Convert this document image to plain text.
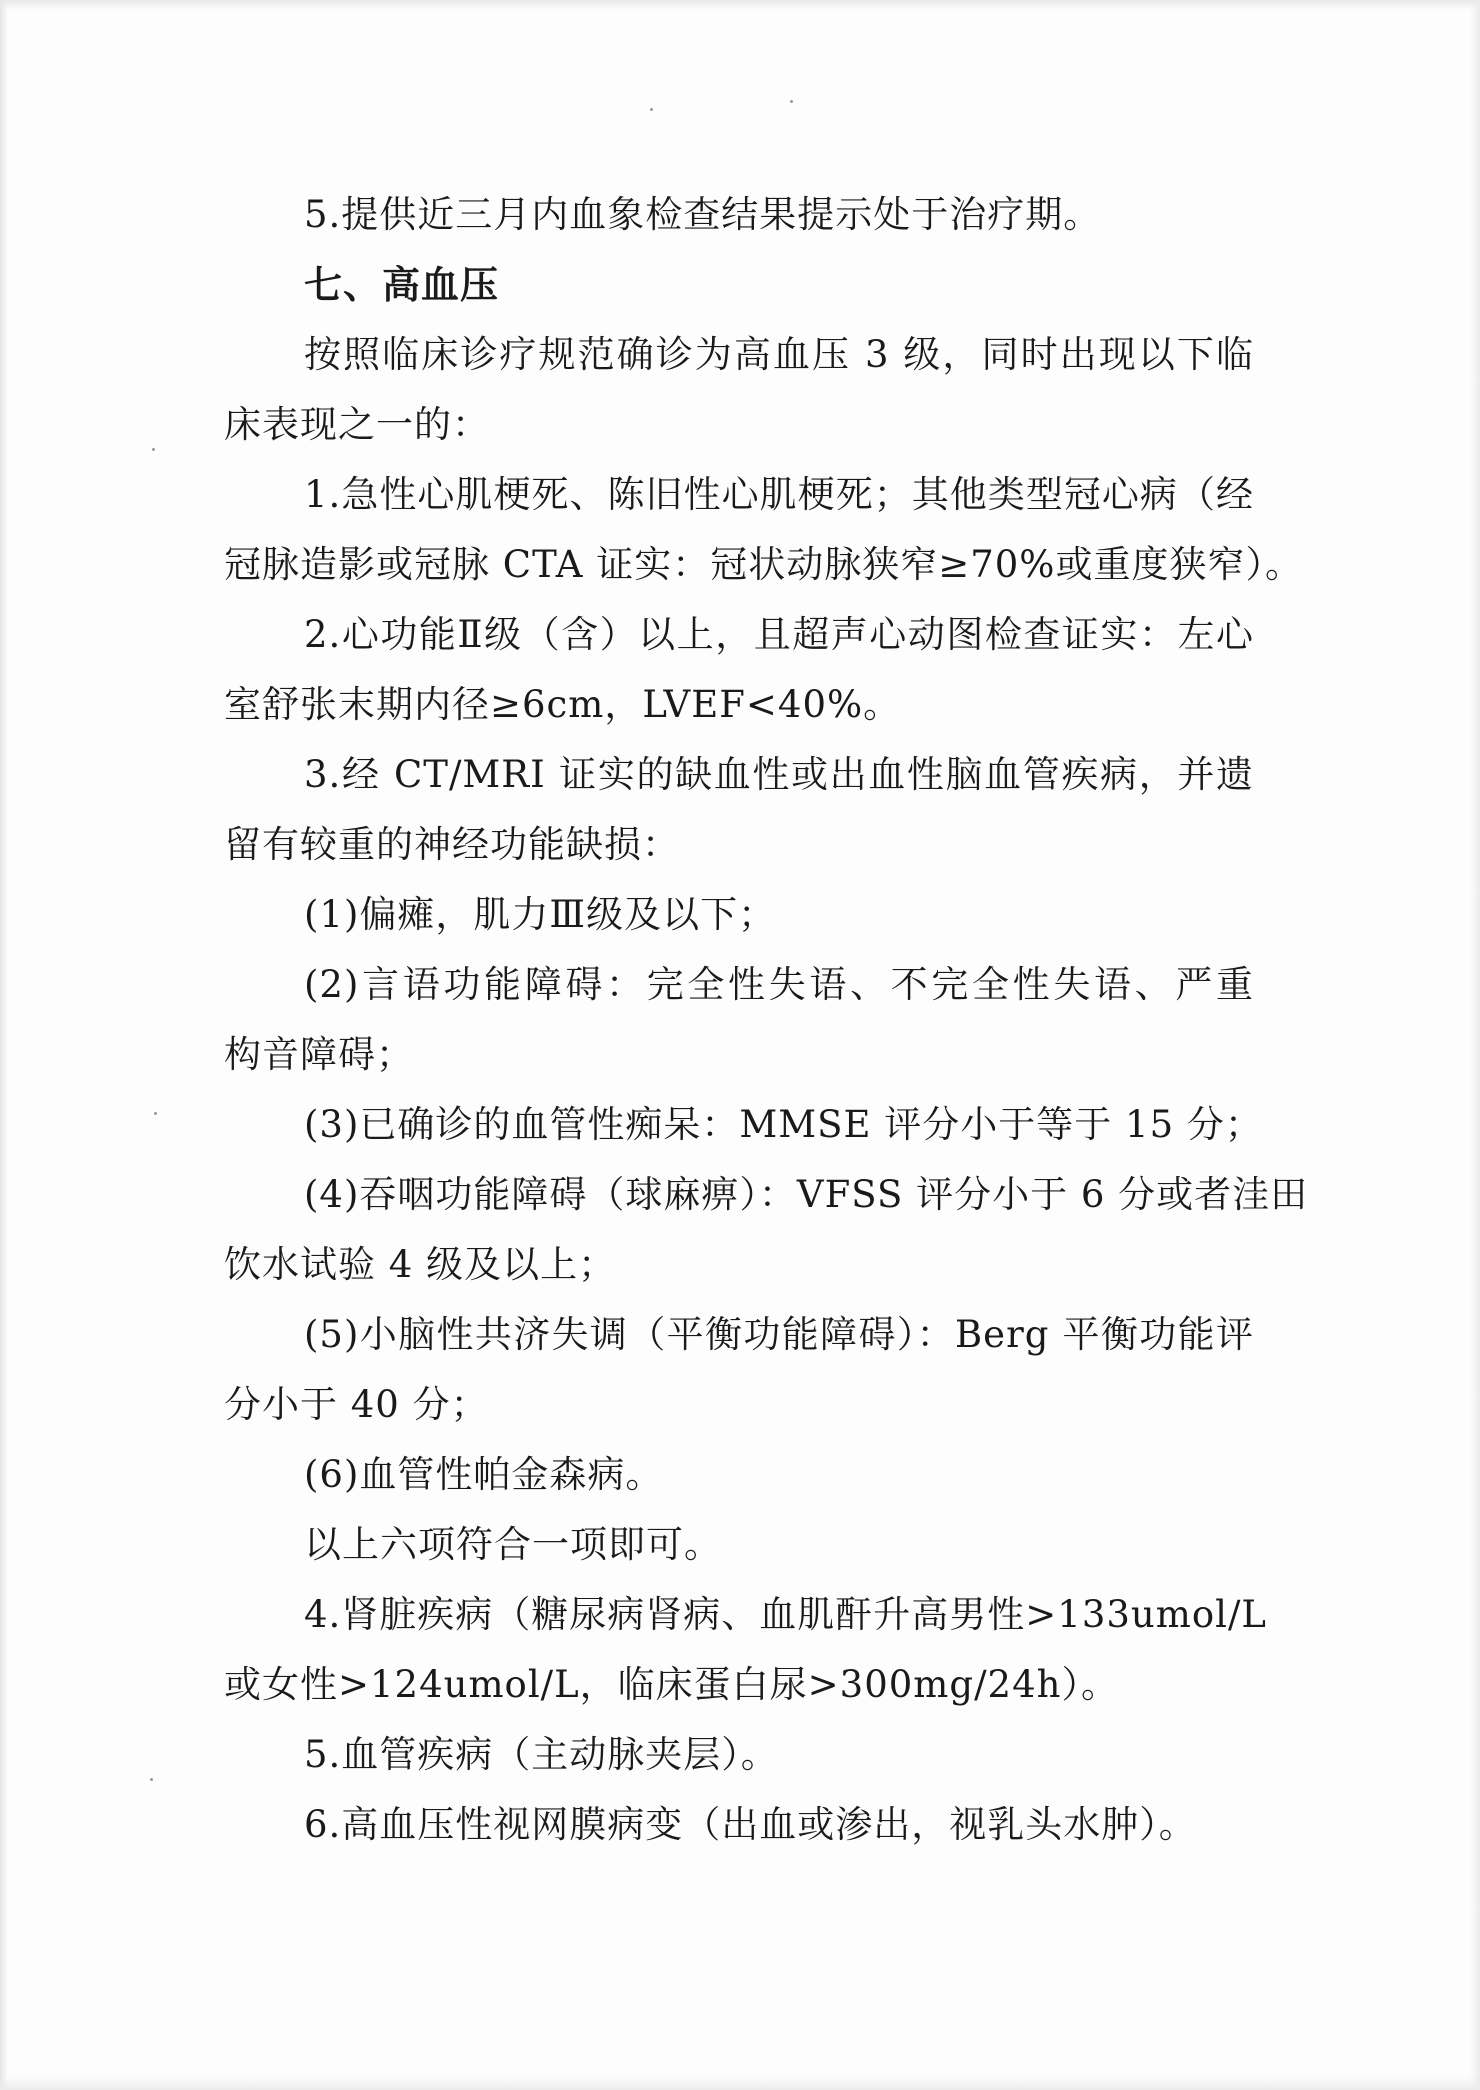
5.提供近三月内血象检查结果提示处于治疗期。
七、高血压
按照临床诊疗规范确诊为高血压 3 级，同时出现以下临
床表现之一的：
1.急性心肌梗死、陈旧性心肌梗死；其他类型冠心病（经
冠脉造影或冠脉 CTA 证实：冠状动脉狭窄≥70%或重度狭窄）。
2.心功能Ⅱ级（含）以上，且超声心动图检查证实：左心
室舒张末期内径≥6cm，LVEF<40%。
3.经 CT/MRI 证实的缺血性或出血性脑血管疾病，并遗
留有较重的神经功能缺损：
(1)偏瘫，肌力Ⅲ级及以下；
(2)言语功能障碍：完全性失语、不完全性失语、严重
构音障碍；
(3)已确诊的血管性痴呆：MMSE 评分小于等于 15 分；
(4)吞咽功能障碍（球麻痹）：VFSS 评分小于 6 分或者洼田
饮水试验 4 级及以上；
(5)小脑性共济失调（平衡功能障碍）：Berg 平衡功能评
分小于 40 分；
(6)血管性帕金森病。
以上六项符合一项即可。
4.肾脏疾病（糖尿病肾病、血肌酐升高男性>133umol/L
或女性>124umol/L，临床蛋白尿>300mg/24h）。
5.血管疾病（主动脉夹层）。
6.高血压性视网膜病变（出血或渗出，视乳头水肿）。
